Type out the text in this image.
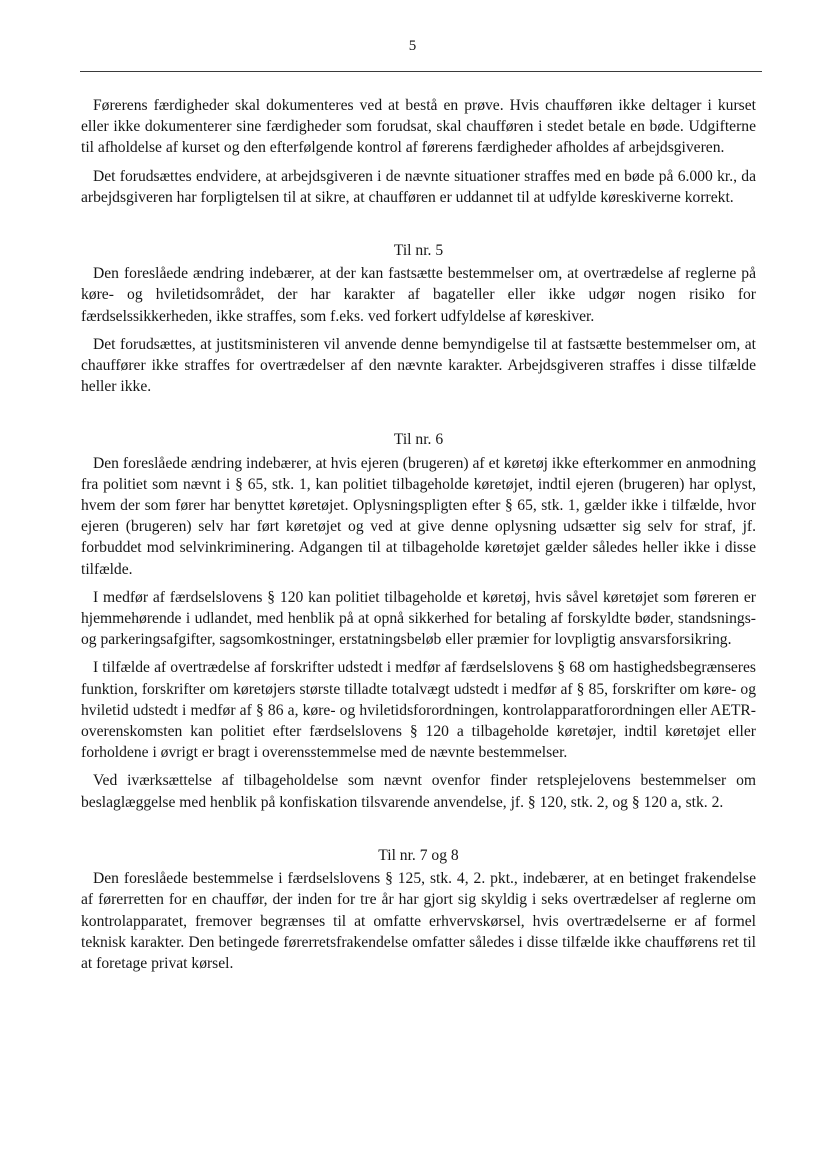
5

Førerens færdigheder skal dokumenteres ved at bestå en prøve. Hvis chaufføren ikke deltager i kurset eller ikke dokumenterer sine færdigheder som forudsat, skal chaufføren i stedet betale en bøde. Udgifterne til afholdelse af kurset og den efterfølgende kontrol af førerens færdigheder afholdes af arbejdsgiveren.

Det forudsættes endvidere, at arbejdsgiveren i de nævnte situationer straffes med en bøde på 6.000 kr., da arbejdsgiveren har forpligtelsen til at sikre, at chaufføren er uddannet til at udfylde køreskiverne korrekt.

Til nr. 5

Den foreslåede ændring indebærer, at der kan fastsætte bestemmelser om, at overtrædelse af reglerne på køre- og hviletidsområdet, der har karakter af bagateller eller ikke udgør nogen risiko for færdselssikkerheden, ikke straffes, som f.eks. ved forkert udfyldelse af køreskiver.

Det forudsættes, at justitsministeren vil anvende denne bemyndigelse til at fastsætte bestemmelser om, at chauffører ikke straffes for overtrædelser af den nævnte karakter. Arbejdsgiveren straffes i disse tilfælde heller ikke.

Til nr. 6

Den foreslåede ændring indebærer, at hvis ejeren (brugeren) af et køretøj ikke efterkommer en anmodning fra politiet som nævnt i § 65, stk. 1, kan politiet tilbageholde køretøjet, indtil ejeren (brugeren) har oplyst, hvem der som fører har benyttet køretøjet. Oplysningspligten efter § 65, stk. 1, gælder ikke i tilfælde, hvor ejeren (brugeren) selv har ført køretøjet og ved at give denne oplysning udsætter sig selv for straf, jf. forbuddet mod selvinkriminering. Adgangen til at tilbageholde køretøjet gælder således heller ikke i disse tilfælde.

I medfør af færdselslovens § 120 kan politiet tilbageholde et køretøj, hvis såvel køretøjet som føreren er hjemmehørende i udlandet, med henblik på at opnå sikkerhed for betaling af forskyldte bøder, standsnings- og parkeringsafgifter, sagsomkostninger, erstatningsbeløb eller præmier for lovpligtig ansvarsforsikring.

I tilfælde af overtrædelse af forskrifter udstedt i medfør af færdselslovens § 68 om hastighedsbegrænseres funktion, forskrifter om køretøjers største tilladte totalvægt udstedt i medfør af § 85, forskrifter om køre- og hviletid udstedt i medfør af § 86 a, køre- og hviletidsforordningen, kontrolapparatforordningen eller AETR-overenskomsten kan politiet efter færdselslovens § 120 a tilbageholde køretøjer, indtil køretøjet eller forholdene i øvrigt er bragt i overensstemmelse med de nævnte bestemmelser.

Ved iværksættelse af tilbageholdelse som nævnt ovenfor finder retsplejelovens bestemmelser om beslaglæggelse med henblik på konfiskation tilsvarende anvendelse, jf. § 120, stk. 2, og § 120 a, stk. 2.

Til nr. 7 og 8

Den foreslåede bestemmelse i færdselslovens § 125, stk. 4, 2. pkt., indebærer, at en betinget frakendelse af førerretten for en chauffør, der inden for tre år har gjort sig skyldig i seks overtrædelser af reglerne om kontrolapparatet, fremover begrænses til at omfatte erhvervskørsel, hvis overtrædelserne er af formel teknisk karakter. Den betingede førerretsfrakendelse omfatter således i disse tilfælde ikke chaufførens ret til at foretage privat kørsel.
